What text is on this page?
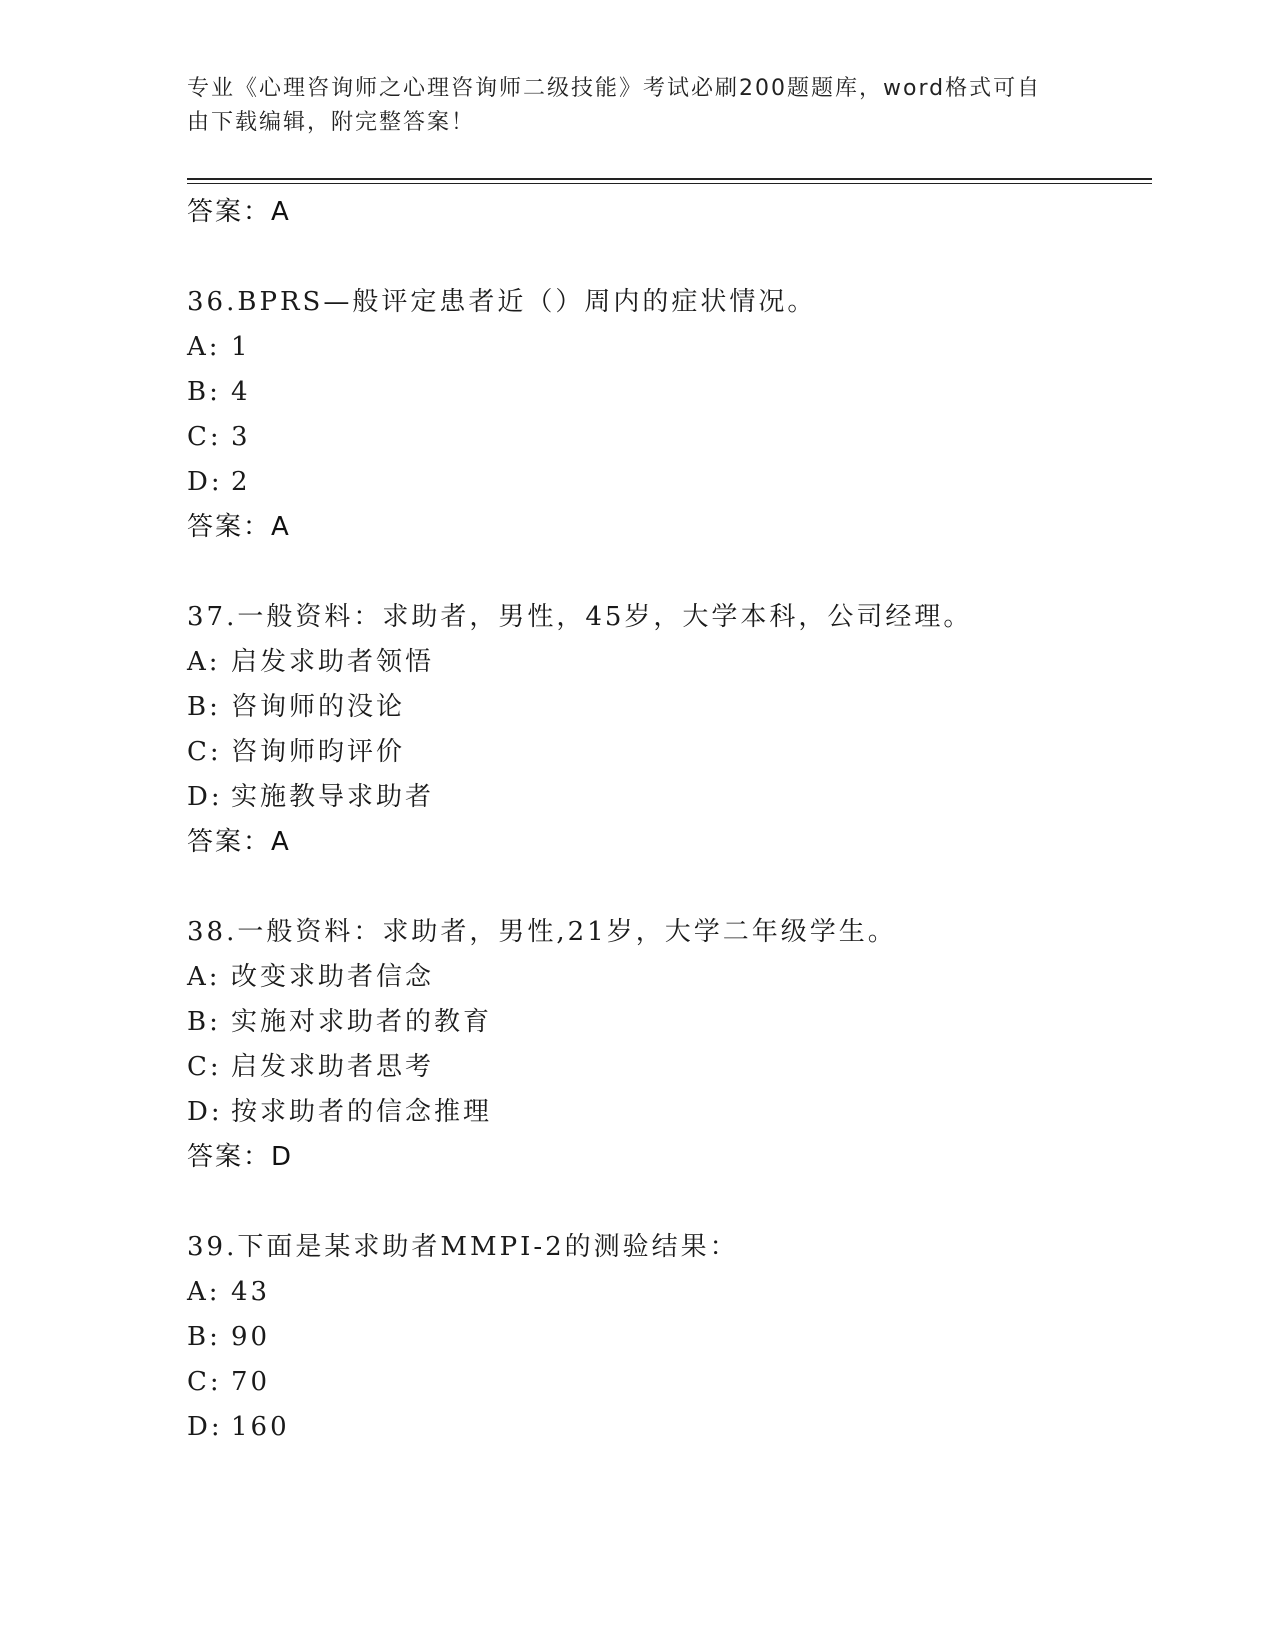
专业《心理咨询师之心理咨询师二级技能》考试必刷200题题库，word格式可自
由下载编辑，附完整答案！
答案：A
36.BPRS—般评定患者近（）周内的症状情况。
A: 1
B: 4
C: 3
D: 2
答案：A
37.一般资料：求助者，男性，45岁，大学本科，公司经理。
A: 启发求助者领悟
B: 咨询师的没论
C: 咨询师昀评价
D: 实施教导求助者
答案：A
38.一般资料：求助者，男性,21岁，大学二年级学生。
A: 改变求助者信念
B: 实施对求助者的教育
C: 启发求助者思考
D: 按求助者的信念推理
答案：D
39.下面是某求助者MMPI-2的测验结果：
A: 43
B: 90
C: 70
D: 160
